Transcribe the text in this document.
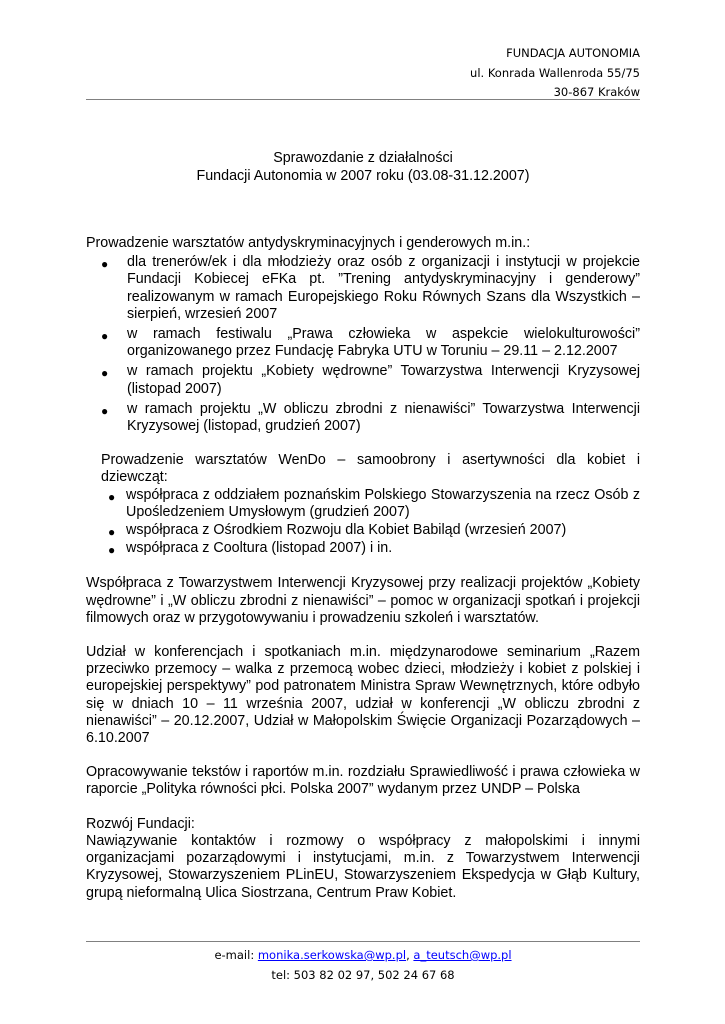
FUNDACJA AUTONOMIA
ul. Konrada Wallenroda 55/75
30-867 Kraków
Sprawozdanie z działalności
Fundacji Autonomia w 2007 roku (03.08-31.12.2007)

Prowadzenie warsztatów antydyskryminacyjnych i genderowych m.in.:

● dla trenerów/ek i dla młodzieży oraz osób z organizacji i instytucji w projekcie Fundacji Kobiecej eFKa pt. ”Trening antydyskryminacyjny i genderowy” realizowanym w ramach Europejskiego Roku Równych Szans dla Wszystkich – sierpień, wrzesień 2007
● w ramach festiwalu „Prawa człowieka w aspekcie wielokulturowości” organizowanego przez Fundację Fabryka UTU w Toruniu – 29.11 – 2.12.2007
● w ramach projektu „Kobiety wędrowne” Towarzystwa Interwencji Kryzysowej (listopad 2007)
● w ramach projektu „W obliczu zbrodni z nienawiści” Towarzystwa Interwencji Kryzysowej (listopad, grudzień 2007)

Prowadzenie warsztatów WenDo – samoobrony i asertywności dla kobiet i dziewcząt:

● współpraca z oddziałem poznańskim Polskiego Stowarzyszenia na rzecz Osób z Upośledzeniem Umysłowym (grudzień 2007)
● współpraca z Ośrodkiem Rozwoju dla Kobiet Babiląd (wrzesień 2007)
● współpraca z Cooltura (listopad 2007) i in.

Współpraca z Towarzystwem Interwencji Kryzysowej przy realizacji projektów „Kobiety wędrowne” i „W obliczu zbrodni z nienawiści” – pomoc w organizacji spotkań i projekcji filmowych oraz w przygotowywaniu i prowadzeniu szkoleń i warsztatów.

Udział w konferencjach i spotkaniach m.in. międzynarodowe seminarium „Razem przeciwko przemocy – walka z przemocą wobec dzieci, młodzieży i kobiet z polskiej i europejskiej perspektywy” pod patronatem Ministra Spraw Wewnętrznych, które odbyło się w dniach 10 – 11 września 2007, udział w konferencji „W obliczu zbrodni z nienawiści” – 20.12.2007, Udział w Małopolskim Święcie Organizacji Pozarządowych – 6.10.2007

Opracowywanie tekstów i raportów m.in. rozdziału Sprawiedliwość i prawa człowieka w raporcie „Polityka równości płci. Polska 2007” wydanym przez UNDP – Polska

Rozwój Fundacji:

Nawiązywanie kontaktów i rozmowy o współpracy z małopolskimi i innymi organizacjami pozarządowymi i instytucjami, m.in. z Towarzystwem Interwencji Kryzysowej, Stowarzyszeniem PLinEU, Stowarzyszeniem Ekspedycja w Głąb Kultury, grupą nieformalną Ulica Siostrzana, Centrum Praw Kobiet.

e-mail: monika.serkowska@wp.pl, a_teutsch@wp.pl
tel: 503 82 02 97, 502 24 67 68
